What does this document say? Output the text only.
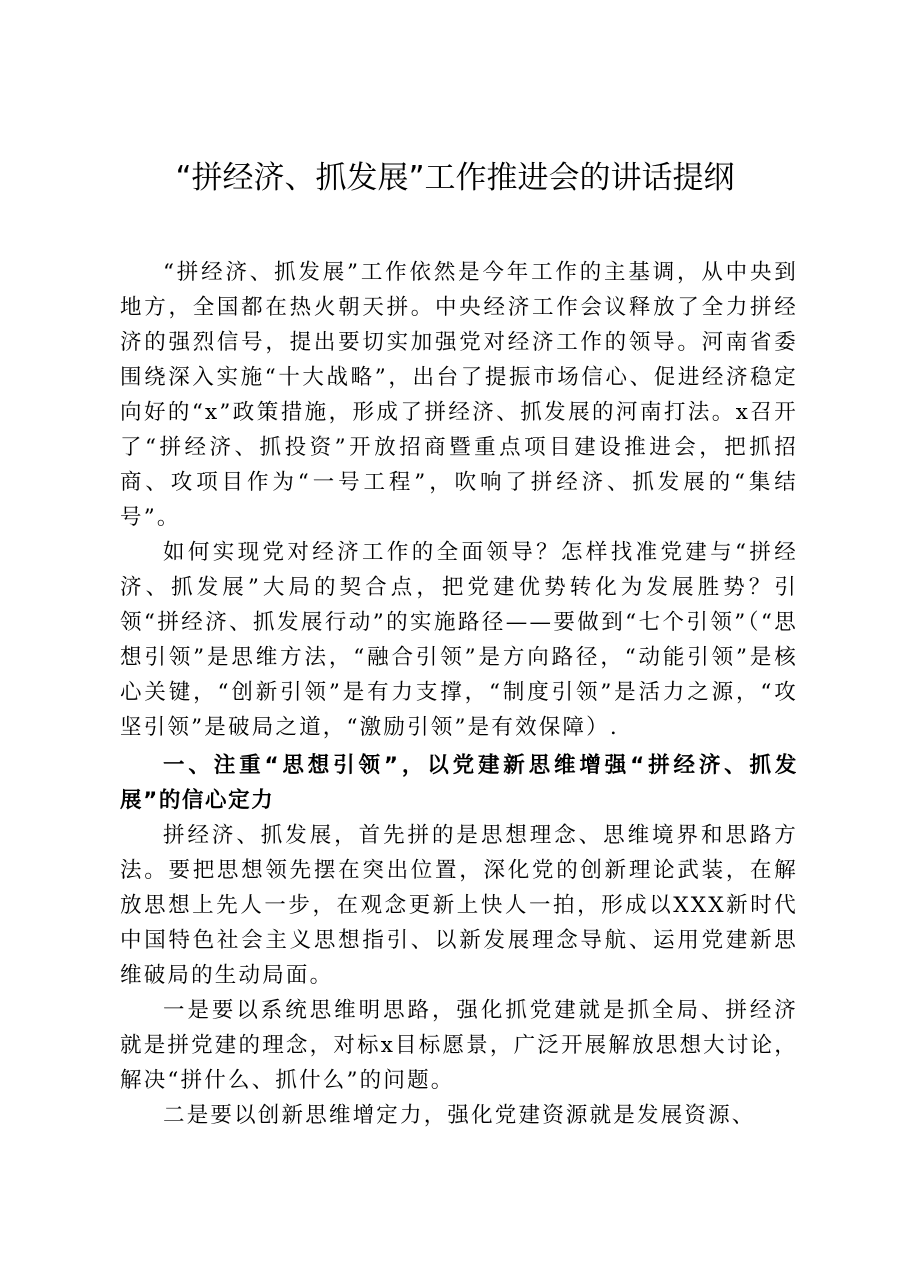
“拼经济、抓发展”工作推进会的讲话提纲

“拼经济、抓发展”工作依然是今年工作的主基调，从中央到地方，全国都在热火朝天拼。中央经济工作会议释放了全力拼经济的强烈信号，提出要切实加强党对经济工作的领导。河南省委围绕深入实施“十大战略”，出台了提振市场信心、促进经济稳定向好的“x”政策措施，形成了拼经济、抓发展的河南打法。x召开了“拼经济、抓投资”开放招商暨重点项目建设推进会，把抓招商、攻项目作为“一号工程”，吹响了拼经济、抓发展的“集结号”。

如何实现党对经济工作的全面领导？怎样找准党建与“拼经济、抓发展”大局的契合点，把党建优势转化为发展胜势？引领“拼经济、抓发展行动”的实施路径——要做到“七个引领”（“思想引领”是思维方法，“融合引领”是方向路径，“动能引领”是核心关键，“创新引领”是有力支撑，“制度引领”是活力之源，“攻坚引领”是破局之道，“激励引领”是有效保障）.

一、注重“思想引领”，以党建新思维增强“拼经济、抓发展”的信心定力

拼经济、抓发展，首先拼的是思想理念、思维境界和思路方法。要把思想领先摆在突出位置，深化党的创新理论武装，在解放思想上先人一步，在观念更新上快人一拍，形成以XXX新时代中国特色社会主义思想指引、以新发展理念导航、运用党建新思维破局的生动局面。

一是要以系统思维明思路，强化抓党建就是抓全局、拼经济就是拼党建的理念，对标x目标愿景，广泛开展解放思想大讨论，解决“拼什么、抓什么”的问题。

二是要以创新思维增定力，强化党建资源就是发展资源、
